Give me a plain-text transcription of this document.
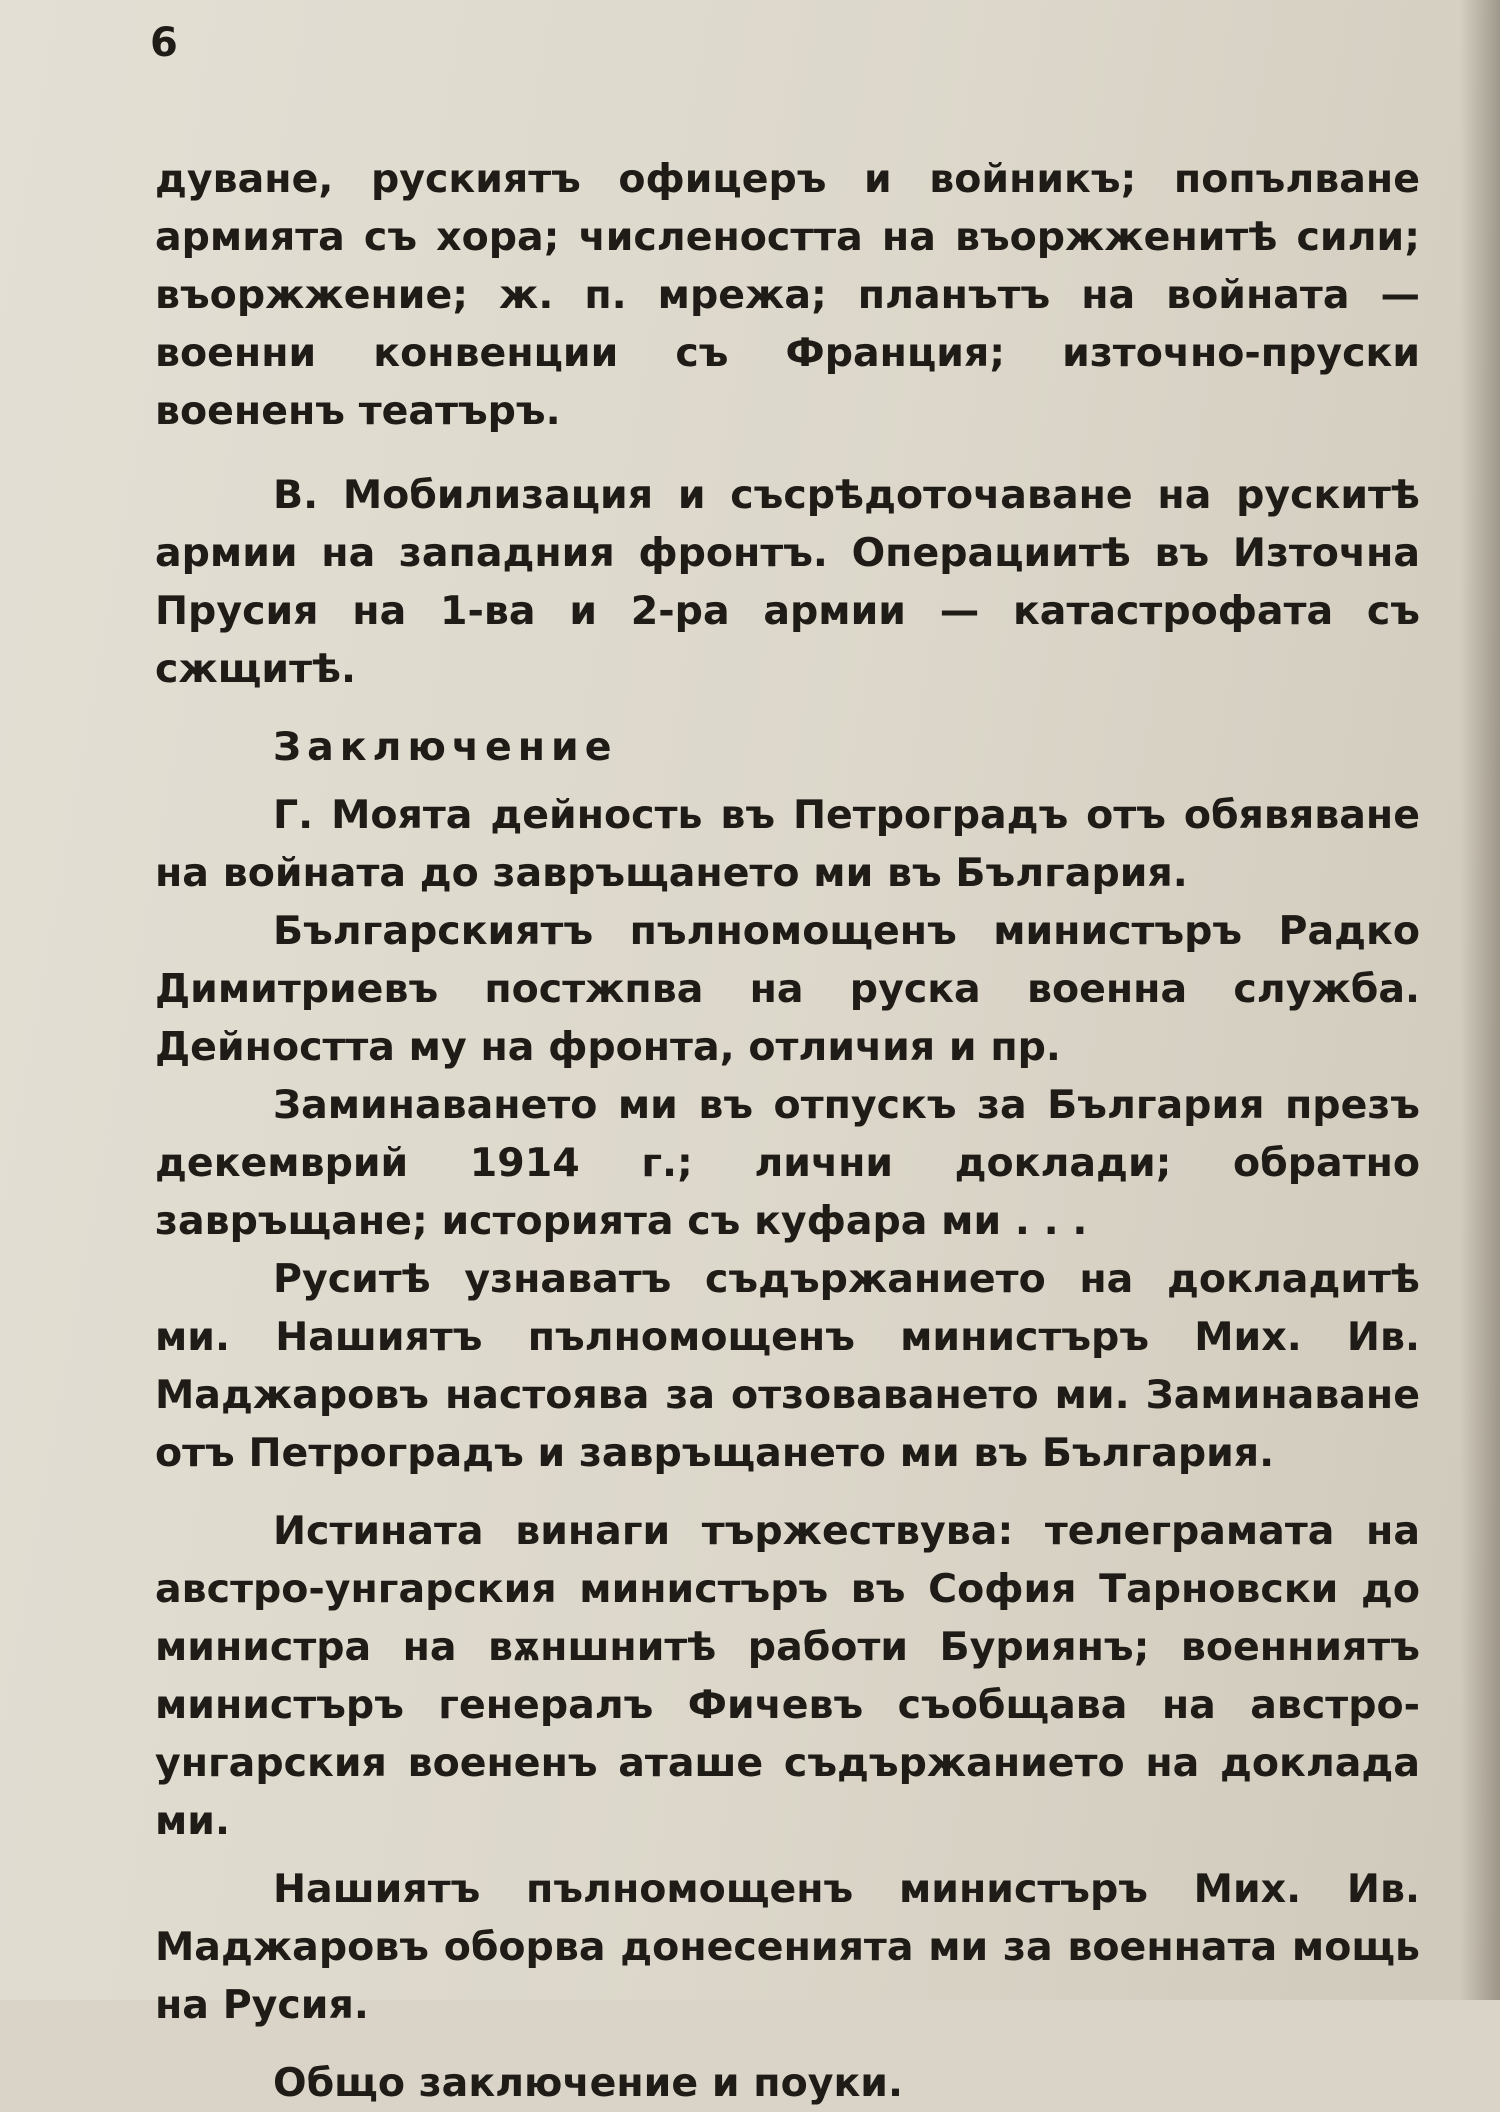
6

дуване, рускиятъ офицеръ и войникъ; попълване армията съ хора; числеността на въоржженитѣ сили; въоржжение; ж. п. мрежа; планътъ на войната — военни конвенции съ Франция; източно-пруски воененъ театъръ.

В. Мобилизация и съсрѣдоточаване на рускитѣ армии на западния фронтъ. Операциитѣ въ Източна Прусия на 1-ва и 2-ра армии — катастрофата съ сжщитѣ.

Заключение

Г. Моята дейность въ Петроградъ отъ обявяване на войната до завръщането ми въ България.

Българскиятъ пълномощенъ министъръ Радко Димитриевъ постжпва на руска военна служба. Дейността му на фронта, отличия и пр.

Заминаването ми въ отпускъ за България презъ декемврий 1914 г.; лични доклади; обратно завръщане; историята съ куфара ми . . .

Руситѣ узнаватъ съдържанието на докладитѣ ми. Нашиятъ пълномощенъ министъръ Мих. Ив. Маджаровъ настоява за отзоваването ми. Заминаване отъ Петроградъ и завръщането ми въ България.

Истината винаги тържествува: телеграмата на австро-унгарския министъръ въ София Тарновски до министра на вѫншнитѣ работи Буриянъ; военниятъ министъръ генералъ Фичевъ съобщава на австро-унгарския воененъ аташе съдържанието на доклада ми.

Нашиятъ пълномощенъ министъръ Мих. Ив. Маджаровъ оборва донесенията ми за военната мощь на Русия.

Общо заключение и поуки.
